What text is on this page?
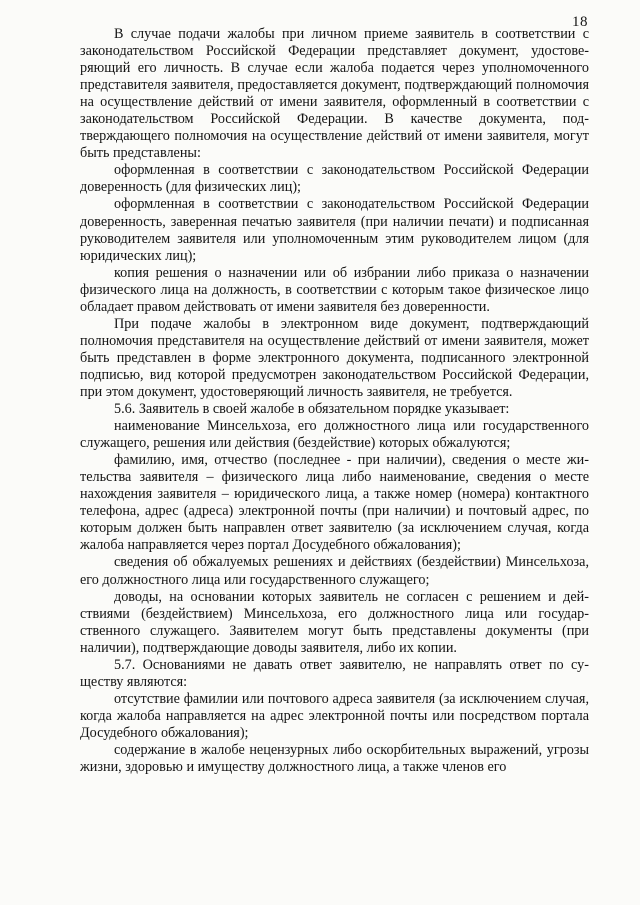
18

В случае подачи жалобы при личном приеме заявитель в соответствии с законодательством Российской Федерации представляет документ, удостоверяющий его личность. В случае если жалоба подается через уполномоченного представителя заявителя, предоставляется документ, подтверждающий полномочия на осуществление действий от имени заявителя, оформленный в соответствии с законодательством Российской Федерации. В качестве документа, подтверждающего полномочия на осуществление действий от имени заявителя, могут быть представлены:

оформленная в соответствии с законодательством Российской Федерации доверенность (для физических лиц);

оформленная в соответствии с законодательством Российской Федерации доверенность, заверенная печатью заявителя (при наличии печати) и подписанная руководителем заявителя или уполномоченным этим руководителем лицом (для юридических лиц);

копия решения о назначении или об избрании либо приказа о назначении физического лица на должность, в соответствии с которым такое физическое лицо обладает правом действовать от имени заявителя без доверенности.

При подаче жалобы в электронном виде документ, подтверждающий полномочия представителя на осуществление действий от имени заявителя, может быть представлен в форме электронного документа, подписанного электронной подписью, вид которой предусмотрен законодательством Российской Федерации, при этом документ, удостоверяющий личность заявителя, не требуется.

5.6. Заявитель в своей жалобе в обязательном порядке указывает:

наименование Минсельхоза, его должностного лица или государственного служащего, решения или действия (бездействие) которых обжалуются;

фамилию, имя, отчество (последнее - при наличии), сведения о месте жительства заявителя – физического лица либо наименование, сведения о месте нахождения заявителя – юридического лица, а также номер (номера) контактного телефона, адрес (адреса) электронной почты (при наличии) и почтовый адрес, по которым должен быть направлен ответ заявителю (за исключением случая, когда жалоба направляется через портал Досудебного обжалования);

сведения об обжалуемых решениях и действиях (бездействии) Минсельхоза, его должностного лица или государственного служащего;

доводы, на основании которых заявитель не согласен с решением и действиями (бездействием) Минсельхоза, его должностного лица или государственного служащего. Заявителем могут быть представлены документы (при наличии), подтверждающие доводы заявителя, либо их копии.

5.7. Основаниями не давать ответ заявителю, не направлять ответ по существу являются:

отсутствие фамилии или почтового адреса заявителя (за исключением случая, когда жалоба направляется на адрес электронной почты или посредством портала Досудебного обжалования);

содержание в жалобе нецензурных либо оскорбительных выражений, угрозы жизни, здоровью и имуществу должностного лица, а также членов его
